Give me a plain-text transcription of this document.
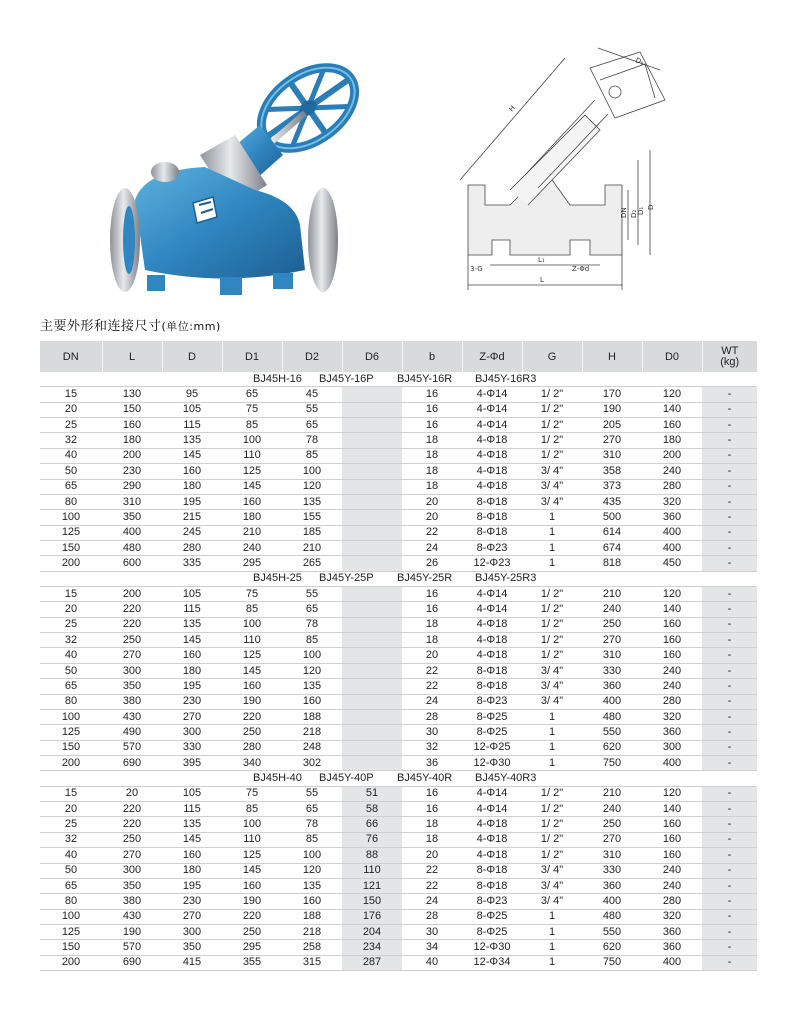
H
D₀
DN D₂ D₁ D
3-G
L₁
Z-Φd
L
主要外形和连接尺寸(单位:mm)
DN	L	D	D1	D2	D6	b	Z-Φd	G	H	D0	WT
(kg)
BJ45H-16 BJ45Y-16P BJ45Y-16R BJ45Y-16R3											
15	130	95	65	45		16	4-Φ14	1/ 2"	170	120	-
20	150	105	75	55		16	4-Φ14	1/ 2"	190	140	-
25	160	115	85	65		16	4-Φ14	1/ 2"	205	160	-
32	180	135	100	78		18	4-Φ18	1/ 2"	270	180	-
40	200	145	110	85		18	4-Φ18	1/ 2"	310	200	-
50	230	160	125	100		18	4-Φ18	3/ 4"	358	240	-
65	290	180	145	120		18	4-Φ18	3/ 4"	373	280	-
80	310	195	160	135		20	8-Φ18	3/ 4"	435	320	-
100	350	215	180	155		20	8-Φ18	1	500	360	-
125	400	245	210	185		22	8-Φ18	1	614	400	-
150	480	280	240	210		24	8-Φ23	1	674	400	-
200	600	335	295	265		26	12-Φ23	1	818	450	-
BJ45H-25 BJ45Y-25P BJ45Y-25R BJ45Y-25R3											
15	200	105	75	55		16	4-Φ14	1/ 2"	210	120	-
20	220	115	85	65		16	4-Φ14	1/ 2"	240	140	-
25	220	135	100	78		18	4-Φ18	1/ 2"	250	160	-
32	250	145	110	85		18	4-Φ18	1/ 2"	270	160	-
40	270	160	125	100		20	4-Φ18	1/ 2"	310	160	-
50	300	180	145	120		22	8-Φ18	3/ 4"	330	240	-
65	350	195	160	135		22	8-Φ18	3/ 4"	360	240	-
80	380	230	190	160		24	8-Φ23	3/ 4"	400	280	-
100	430	270	220	188		28	8-Φ25	1	480	320	-
125	490	300	250	218		30	8-Φ25	1	550	360	-
150	570	330	280	248		32	12-Φ25	1	620	300	-
200	690	395	340	302		36	12-Φ30	1	750	400	-
BJ45H-40 BJ45Y-40P BJ45Y-40R BJ45Y-40R3											
15	20	105	75	55	51	16	4-Φ14	1/ 2"	210	120	-
20	220	115	85	65	58	16	4-Φ14	1/ 2"	240	140	-
25	220	135	100	78	66	18	4-Φ18	1/ 2"	250	160	-
32	250	145	110	85	76	18	4-Φ18	1/ 2"	270	160	-
40	270	160	125	100	88	20	4-Φ18	1/ 2"	310	160	-
50	300	180	145	120	110	22	8-Φ18	3/ 4"	330	240	-
65	350	195	160	135	121	22	8-Φ18	3/ 4"	360	240	-
80	380	230	190	160	150	24	8-Φ23	3/ 4"	400	280	-
100	430	270	220	188	176	28	8-Φ25	1	480	320	-
125	190	300	250	218	204	30	8-Φ25	1	550	360	-
150	570	350	295	258	234	34	12-Φ30	1	620	360	-
200	690	415	355	315	287	40	12-Φ34	1	750	400	-
